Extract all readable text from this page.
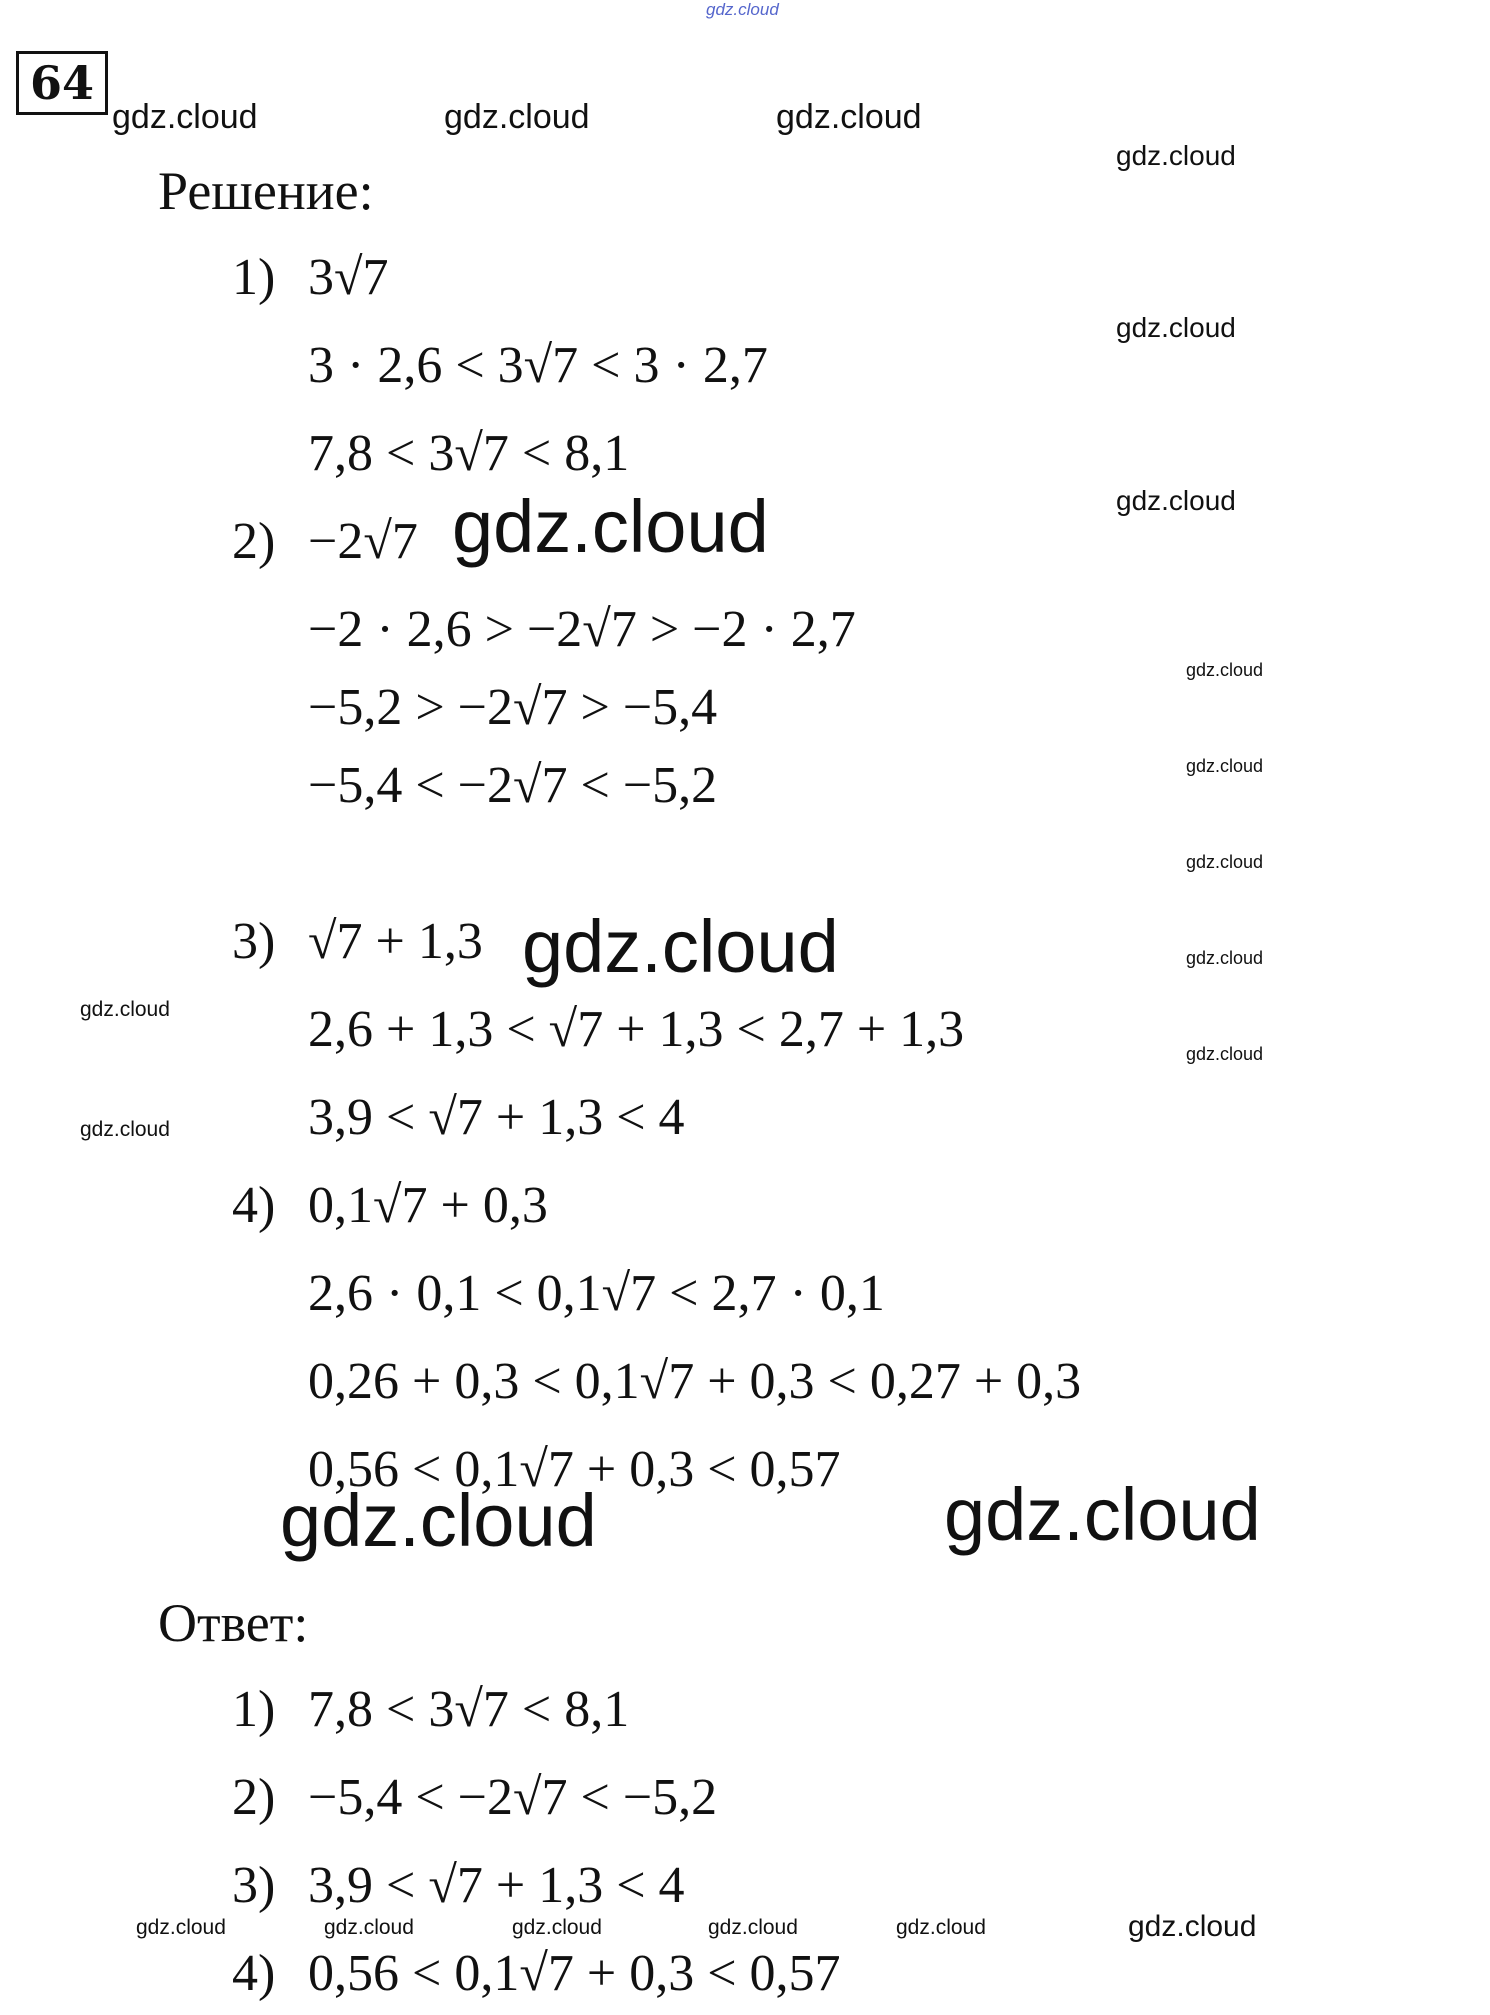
gdz.cloud
64
gdz.cloud	gdz.cloud	gdz.cloud
gdz.cloud
Решение:
1) 3√7
3 · 2,6 < 3√7 < 3 · 2,7
7,8 < 3√7 < 8,1
gdz.cloud
gdz.cloud
2) −2√7 gdz.cloud
−2 · 2,6 > −2√7 > −2 · 2,7
−5,2 > −2√7 > −5,4
−5,4 < −2√7 < −5,2
gdz.cloud
gdz.cloud
gdz.cloud
gdz.cloud
gdz.cloud
3) √7 + 1,3 gdz.cloud
2,6 + 1,3 < √7 + 1,3 < 2,7 + 1,3
3,9 < √7 + 1,3 < 4
gdz.cloud
gdz.cloud
4) 0,1√7 + 0,3
2,6 · 0,1 < 0,1√7 < 2,7 · 0,1
0,26 + 0,3 < 0,1√7 + 0,3 < 0,27 + 0,3
0,56 < 0,1√7 + 0,3 < 0,57
gdz.cloud	gdz.cloud
Ответ:
1) 7,8 < 3√7 < 8,1
2) −5,4 < −2√7 < −5,2
3) 3,9 < √7 + 1,3 < 4
gdz.cloud	gdz.cloud	gdz.cloud	gdz.cloud	gdz.cloud	gdz.cloud
4) 0,56 < 0,1√7 + 0,3 < 0,57
